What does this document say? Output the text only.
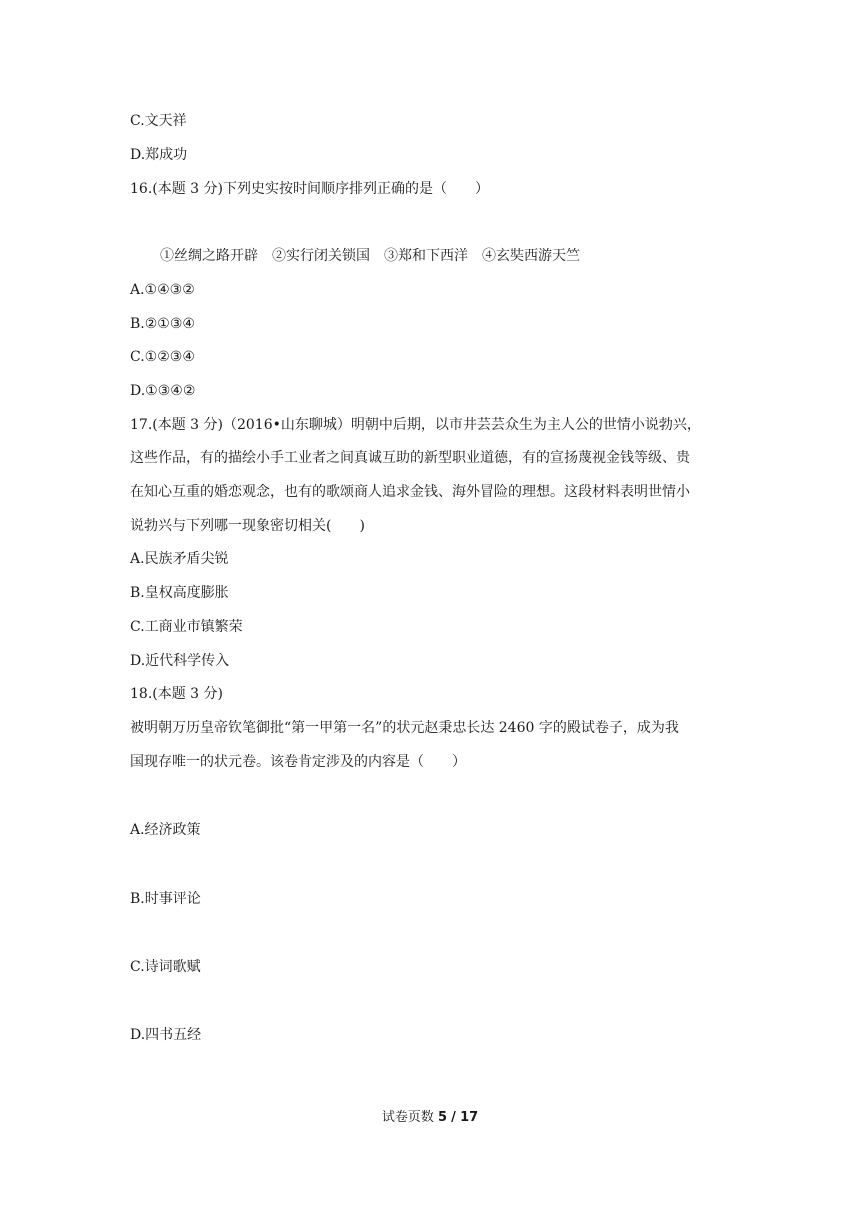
C.文天祥
D.郑成功
16.(本题 3 分)下列史实按时间顺序排列正确的是（　　）
①丝绸之路开辟　②实行闭关锁国　③郑和下西洋　④玄奘西游天竺
A.①④③②
B.②①③④
C.①②③④
D.①③④②
17.(本题 3 分)（2016•山东聊城）明朝中后期，以市井芸芸众生为主人公的世情小说勃兴，
这些作品，有的描绘小手工业者之间真诚互助的新型职业道德，有的宣扬蔑视金钱等级、贵
在知心互重的婚恋观念，也有的歌颂商人追求金钱、海外冒险的理想。这段材料表明世情小
说勃兴与下列哪一现象密切相关(　　)
A.民族矛盾尖锐
B.皇权高度膨胀
C.工商业市镇繁荣
D.近代科学传入
18.(本题 3 分)
被明朝万历皇帝钦笔御批“第一甲第一名”的状元赵秉忠长达 2460 字的殿试卷子，成为我
国现存唯一的状元卷。该卷肯定涉及的内容是（　　）
A.经济政策
B.时事评论
C.诗词歌赋
D.四书五经
试卷页数 5 / 17
